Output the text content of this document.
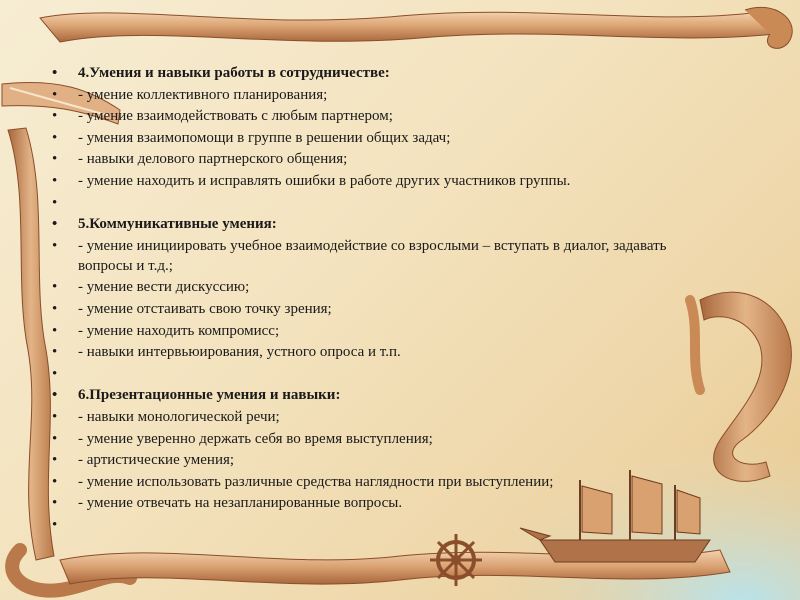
• 4.Умения и навыки работы в сотрудничестве:
• - умение коллективного планирования;
• - умение взаимодействовать с любым партнером;
• - умения взаимопомощи в группе в решении общих задач;
• - навыки делового партнерского общения;
• - умение находить и исправлять ошибки в работе других участников группы.
•
• 5.Коммуникативные умения:
• - умение инициировать учебное взаимодействие со взрослыми – вступать в диалог, задавать вопросы и т.д.;
• - умение вести дискуссию;
• - умение отстаивать свою точку зрения;
• - умение находить компромисс;
• - навыки интервьюирования, устного опроса и т.п.
•
• 6.Презентационные умения и навыки:
• - навыки монологической речи;
• - умение уверенно держать себя во время выступления;
• - артистические умения;
• - умение использовать различные средства наглядности при выступлении;
• - умение отвечать на незапланированные вопросы.
•
